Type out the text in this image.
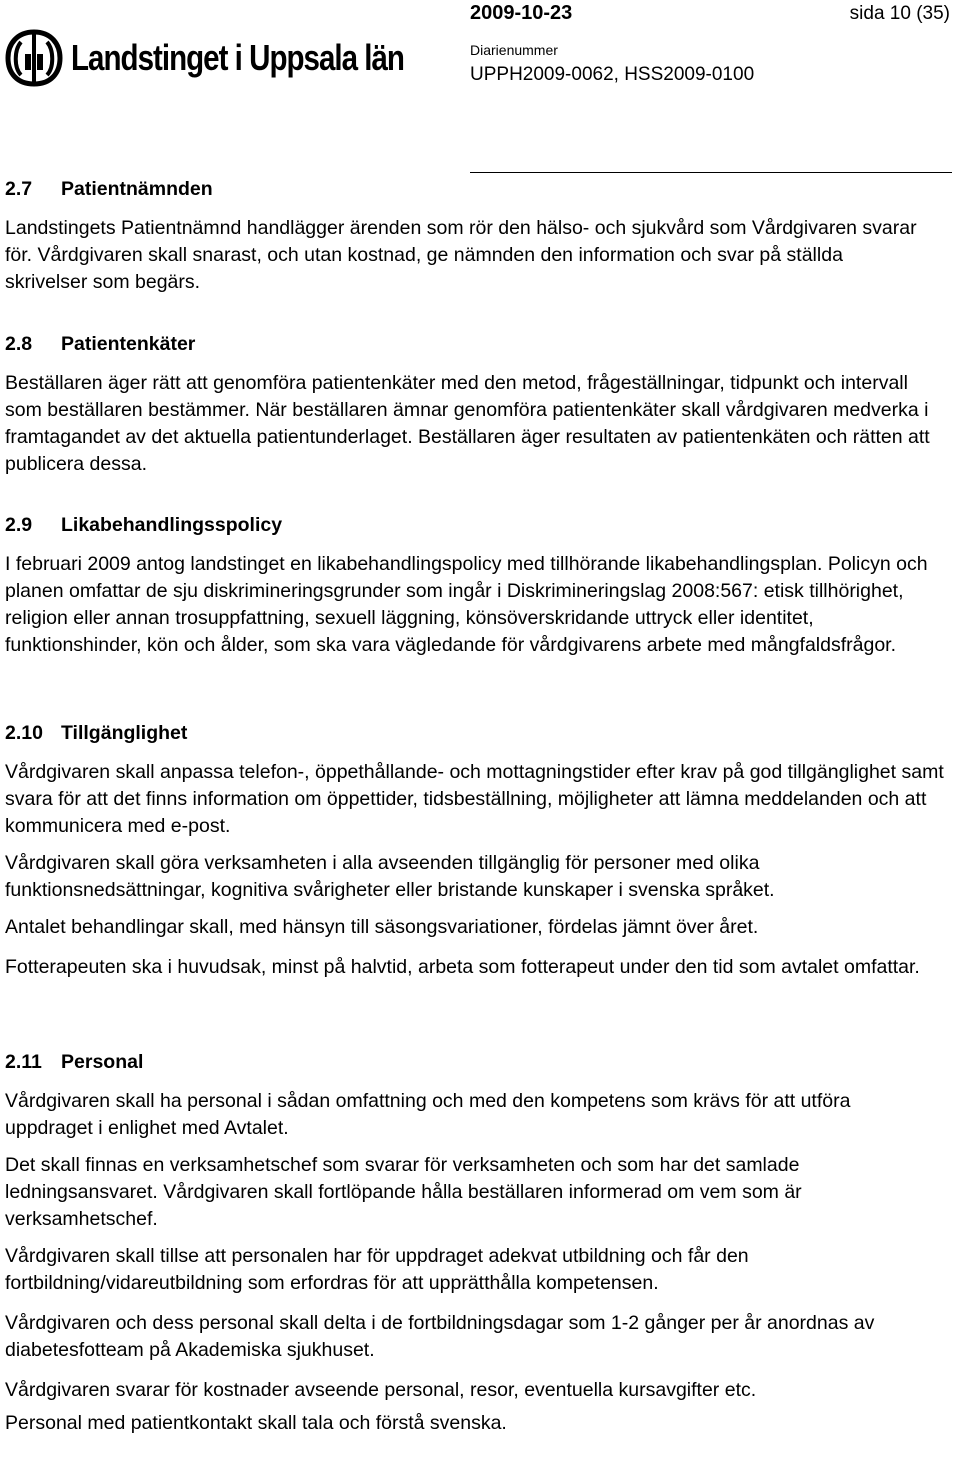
Landstinget i Uppsala län
2009-10-23	sida 10 (35)
Diarienummer
UPPH2009-0062, HSS2009-0100
2.7	Patientnämnden

Landstingets Patientnämnd handlägger ärenden som rör den hälso- och sjukvård som Vårdgivaren svarar för. Vårdgivaren skall snarast, och utan kostnad, ge nämnden den information och svar på ställda skrivelser som begärs.

2.8	Patientenkäter

Beställaren äger rätt att genomföra patientenkäter med den metod, frågeställningar, tidpunkt och intervall som beställaren bestämmer. När beställaren ämnar genomföra patientenkäter skall vårdgivaren medverka i framtagandet av det aktuella patientunderlaget. Beställaren äger resultaten av patientenkäten och rätten att publicera dessa.

2.9	Likabehandlingsspolicy

I februari 2009 antog landstinget en likabehandlingspolicy med tillhörande likabehandlingsplan. Policyn och planen omfattar de sju diskrimineringsgrunder som ingår i Diskrimineringslag 2008:567: etisk tillhörighet, religion eller annan trosuppfattning, sexuell läggning, könsöverskridande uttryck eller identitet, funktionshinder, kön och ålder, som ska vara vägledande för vårdgivarens arbete med mångfaldsfrågor.

2.10 Tillgänglighet

Vårdgivaren skall anpassa telefon-, öppethållande- och mottagningstider efter krav på god tillgänglighet samt svara för att det finns information om öppettider, tidsbeställning, möjligheter att lämna meddelanden och att kommunicera med e-post.

Vårdgivaren skall göra verksamheten i alla avseenden tillgänglig för personer med olika funktionsnedsättningar, kognitiva svårigheter eller bristande kunskaper i svenska språket.

Antalet behandlingar skall, med hänsyn till säsongsvariationer, fördelas jämnt över året.

Fotterapeuten ska i huvudsak, minst på halvtid, arbeta som fotterapeut under den tid som avtalet omfattar.

2.11 Personal

Vårdgivaren skall ha personal i sådan omfattning och med den kompetens som krävs för att utföra uppdraget i enlighet med Avtalet.

Det skall finnas en verksamhetschef som svarar för verksamheten och som har det samlade ledningsansvaret. Vårdgivaren skall fortlöpande hålla beställaren informerad om vem som är verksamhetschef.

Vårdgivaren skall tillse att personalen har för uppdraget adekvat utbildning och får den fortbildning/vidareutbildning som erfordras för att upprätthålla kompetensen.

Vårdgivaren och dess personal skall delta i de fortbildningsdagar som 1-2 gånger per år anordnas av diabetesfotteam på Akademiska sjukhuset.

Vårdgivaren svarar för kostnader avseende personal, resor, eventuella kursavgifter etc.

Personal med patientkontakt skall tala och förstå svenska.
